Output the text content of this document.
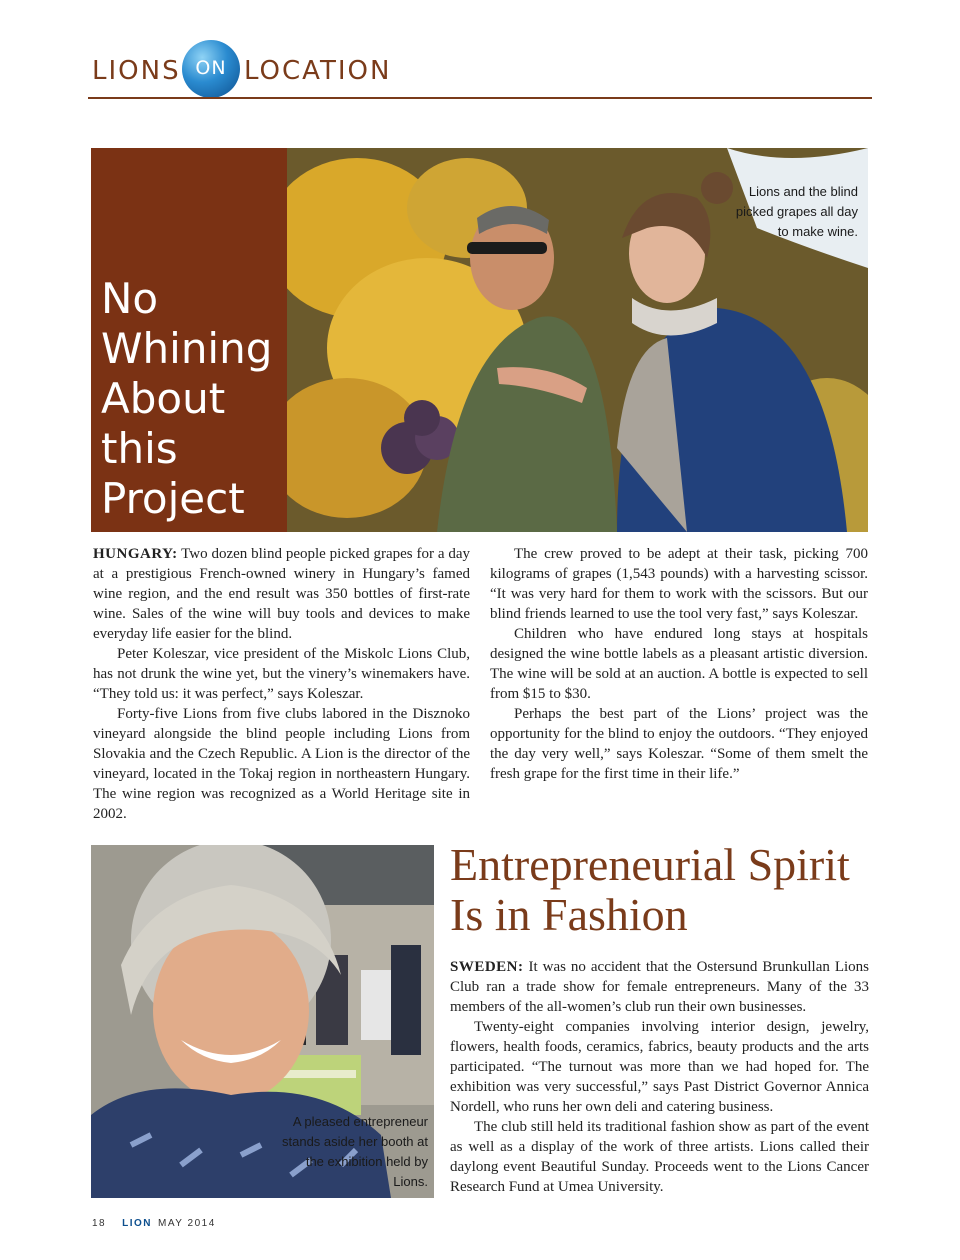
LIONS ON LOCATION
No Whining About this Project
Lions and the blind picked grapes all day to make wine.

HUNGARY: Two dozen blind people picked grapes for a day at a prestigious French-owned winery in Hungary’s famed wine region, and the end result was 350 bottles of first-rate wine. Sales of the wine will buy tools and devices to make everyday life easier for the blind.

Peter Koleszar, vice president of the Miskolc Lions Club, has not drunk the wine yet, but the vinery’s winemakers have. “They told us: it was perfect,” says Koleszar.

Forty-five Lions from five clubs labored in the Disznoko vineyard alongside the blind people including Lions from Slovakia and the Czech Republic. A Lion is the director of the vineyard, located in the Tokaj region in northeastern Hungary. The wine region was recognized as a World Heritage site in 2002.

The crew proved to be adept at their task, picking 700 kilograms of grapes (1,543 pounds) with a harvesting scissor. “It was very hard for them to work with the scissors. But our blind friends learned to use the tool very fast,” says Koleszar.

Children who have endured long stays at hospitals designed the wine bottle labels as a pleasant artistic diversion. The wine will be sold at an auction. A bottle is expected to sell from $15 to $30.

Perhaps the best part of the Lions’ project was the opportunity for the blind to enjoy the outdoors. “They enjoyed the day very well,” says Koleszar. “Some of them smelt the fresh grape for the first time in their life.”

A pleased entrepreneur stands aside her booth at the exhibition held by Lions.
Entrepreneurial Spirit Is in Fashion

SWEDEN: It was no accident that the Ostersund Brunkullan Lions Club ran a trade show for female entrepreneurs. Many of the 33 members of the all-women’s club run their own businesses.

Twenty-eight companies involving interior design, jewelry, flowers, health foods, ceramics, fabrics, beauty products and the arts participated. “The turnout was more than we had hoped for. The exhibition was very successful,” says Past District Governor Annica Nordell, who runs her own deli and catering business.

The club still held its traditional fashion show as part of the event as well as a display of the work of three artists. Lions called their daylong event Beautiful Sunday. Proceeds went to the Lions Cancer Research Fund at Umea University.

18 LION MAY 2014
